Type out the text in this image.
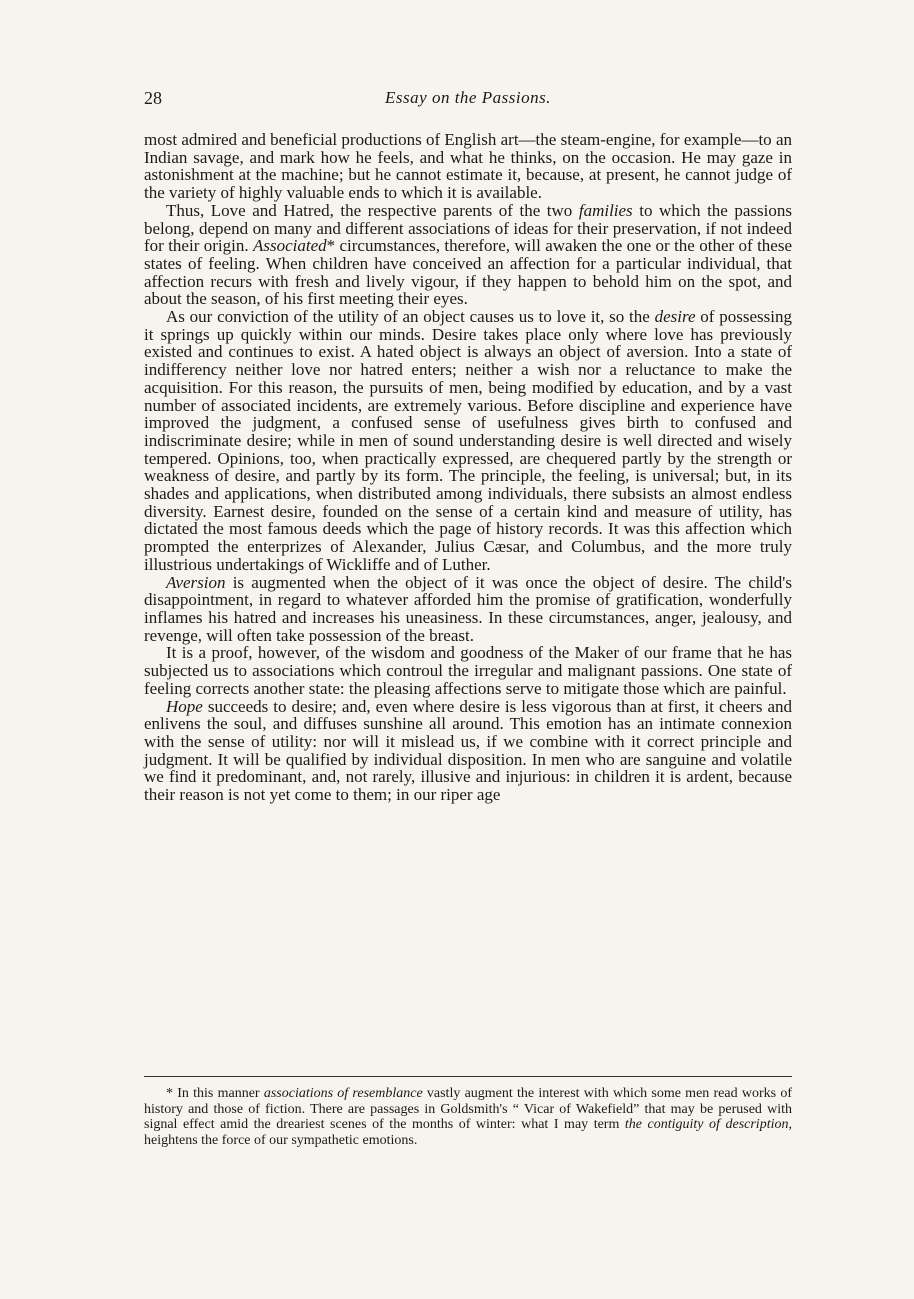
28	Essay on the Passions.

most admired and beneficial productions of English art—the steam-engine, for example—to an Indian savage, and mark how he feels, and what he thinks, on the occasion. He may gaze in astonishment at the machine; but he cannot estimate it, because, at present, he cannot judge of the variety of highly valuable ends to which it is available.

Thus, Love and Hatred, the respective parents of the two families to which the passions belong, depend on many and different associations of ideas for their preservation, if not indeed for their origin. Associated* circumstances, therefore, will awaken the one or the other of these states of feeling. When children have conceived an affection for a particular individual, that affection recurs with fresh and lively vigour, if they happen to behold him on the spot, and about the season, of his first meeting their eyes.

As our conviction of the utility of an object causes us to love it, so the desire of possessing it springs up quickly within our minds. Desire takes place only where love has previously existed and continues to exist. A hated object is always an object of aversion. Into a state of indifferency neither love nor hatred enters; neither a wish nor a reluctance to make the acquisition. For this reason, the pursuits of men, being modified by education, and by a vast number of associated incidents, are extremely various. Before discipline and experience have improved the judgment, a confused sense of usefulness gives birth to confused and indiscriminate desire; while in men of sound understanding desire is well directed and wisely tempered. Opinions, too, when practically expressed, are chequered partly by the strength or weakness of desire, and partly by its form. The principle, the feeling, is universal; but, in its shades and applications, when distributed among individuals, there subsists an almost endless diversity. Earnest desire, founded on the sense of a certain kind and measure of utility, has dictated the most famous deeds which the page of history records. It was this affection which prompted the enterprizes of Alexander, Julius Cæsar, and Columbus, and the more truly illustrious undertakings of Wickliffe and of Luther.

Aversion is augmented when the object of it was once the object of desire. The child's disappointment, in regard to whatever afforded him the promise of gratification, wonderfully inflames his hatred and increases his uneasiness. In these circumstances, anger, jealousy, and revenge, will often take possession of the breast.

It is a proof, however, of the wisdom and goodness of the Maker of our frame that he has subjected us to associations which controul the irregular and malignant passions. One state of feeling corrects another state: the pleasing affections serve to mitigate those which are painful.

Hope succeeds to desire; and, even where desire is less vigorous than at first, it cheers and enlivens the soul, and diffuses sunshine all around. This emotion has an intimate connexion with the sense of utility: nor will it mislead us, if we combine with it correct principle and judgment. It will be qualified by individual disposition. In men who are sanguine and volatile we find it predominant, and, not rarely, illusive and injurious: in children it is ardent, because their reason is not yet come to them; in our riper age

* In this manner associations of resemblance vastly augment the interest with which some men read works of history and those of fiction. There are passages in Goldsmith's “ Vicar of Wakefield” that may be perused with signal effect amid the dreariest scenes of the months of winter: what I may term the contiguity of description, heightens the force of our sympathetic emotions.
